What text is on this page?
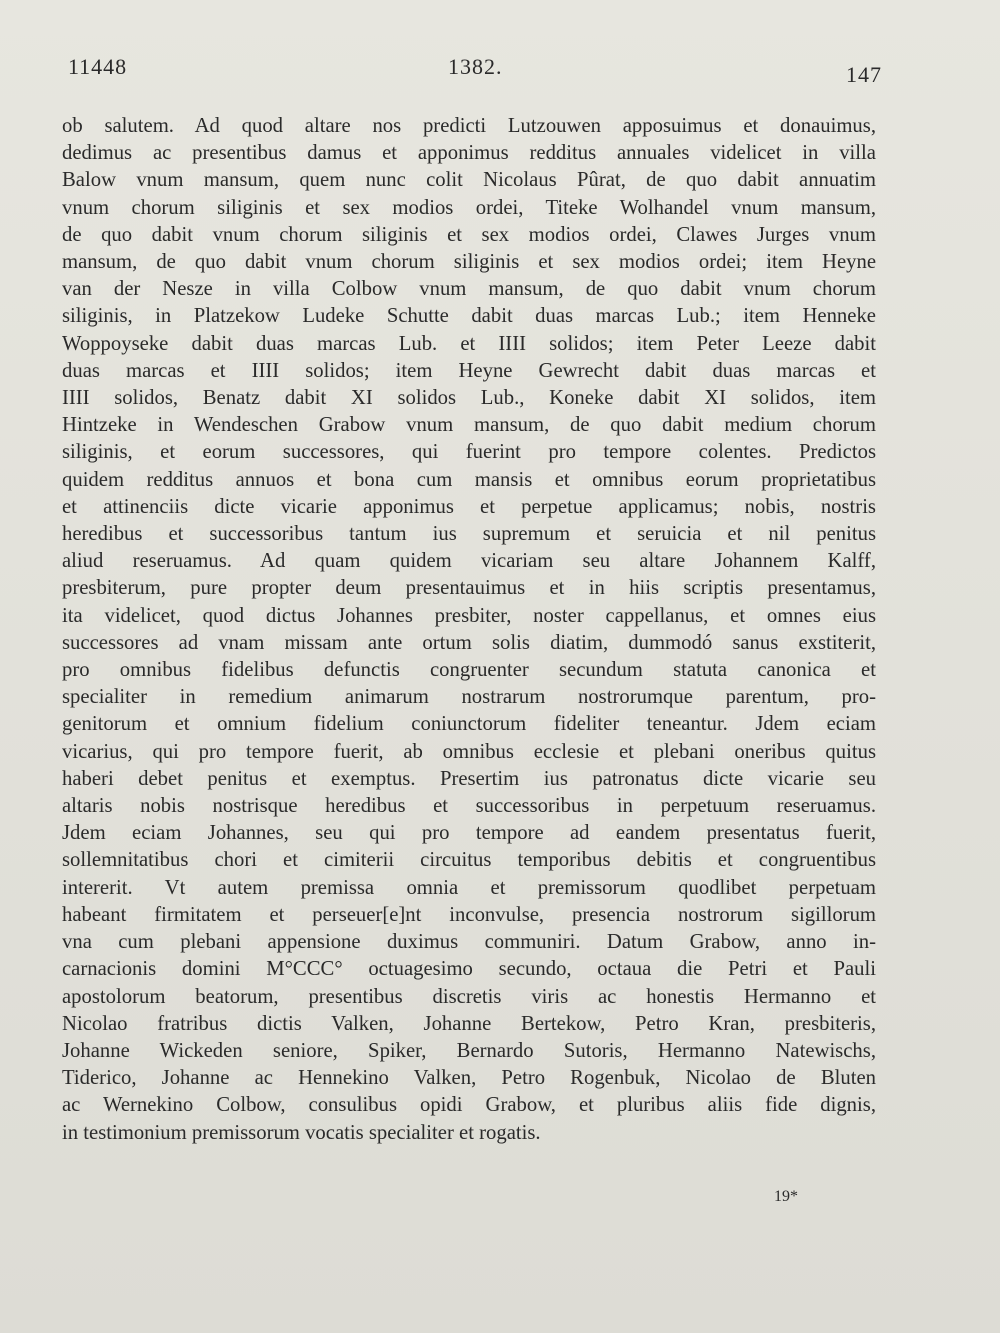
11448	1382.	147
ob salutem. Ad quod altare nos predicti Lutzouwen apposuimus et donauimus,
dedimus ac presentibus damus et apponimus redditus annuales videlicet in villa
Balow vnum mansum, quem nunc colit Nicolaus Pûrat, de quo dabit annuatim
vnum chorum siliginis et sex modios ordei, Titeke Wolhandel vnum mansum,
de quo dabit vnum chorum siliginis et sex modios ordei, Clawes Jurges vnum
mansum, de quo dabit vnum chorum siliginis et sex modios ordei; item Heyne
van der Nesze in villa Colbow vnum mansum, de quo dabit vnum chorum
siliginis, in Platzekow Ludeke Schutte dabit duas marcas Lub.; item Henneke
Woppoyseke dabit duas marcas Lub. et IIII solidos; item Peter Leeze dabit
duas marcas et IIII solidos; item Heyne Gewrecht dabit duas marcas et
IIII solidos, Benatz dabit XI solidos Lub., Koneke dabit XI solidos, item
Hintzeke in Wendeschen Grabow vnum mansum, de quo dabit medium chorum
siliginis, et eorum successores, qui fuerint pro tempore colentes. Predictos
quidem redditus annuos et bona cum mansis et omnibus eorum proprietatibus
et attinenciis dicte vicarie apponimus et perpetue applicamus; nobis, nostris
heredibus et successoribus tantum ius supremum et seruicia et nil penitus
aliud reseruamus. Ad quam quidem vicariam seu altare Johannem Kalff,
presbiterum, pure propter deum presentauimus et in hiis scriptis presentamus,
ita videlicet, quod dictus Johannes presbiter, noster cappellanus, et omnes eius
successores ad vnam missam ante ortum solis diatim, dummodó sanus exstiterit,
pro omnibus fidelibus defunctis congruenter secundum statuta canonica et
specialiter in remedium animarum nostrarum nostrorumque parentum, pro-
genitorum et omnium fidelium coniunctorum fideliter teneantur. Jdem eciam
vicarius, qui pro tempore fuerit, ab omnibus ecclesie et plebani oneribus quitus
haberi debet penitus et exemptus. Presertim ius patronatus dicte vicarie seu
altaris nobis nostrisque heredibus et successoribus in perpetuum reseruamus.
Jdem eciam Johannes, seu qui pro tempore ad eandem presentatus fuerit,
sollemnitatibus chori et cimiterii circuitus temporibus debitis et congruentibus
intererit. Vt autem premissa omnia et premissorum quodlibet perpetuam
habeant firmitatem et perseuer[e]nt inconvulse, presencia nostrorum sigillorum
vna cum plebani appensione duximus communiri. Datum Grabow, anno in-
carnacionis domini M°CCC° octuagesimo secundo, octaua die Petri et Pauli
apostolorum beatorum, presentibus discretis viris ac honestis Hermanno et
Nicolao fratribus dictis Valken, Johanne Bertekow, Petro Kran, presbiteris,
Johanne Wickeden seniore, Spiker, Bernardo Sutoris, Hermanno Natewischs,
Tiderico, Johanne ac Hennekino Valken, Petro Rogenbuk, Nicolao de Bluten
ac Wernekino Colbow, consulibus opidi Grabow, et pluribus aliis fide dignis,
in testimonium premissorum vocatis specialiter et rogatis.
19*
